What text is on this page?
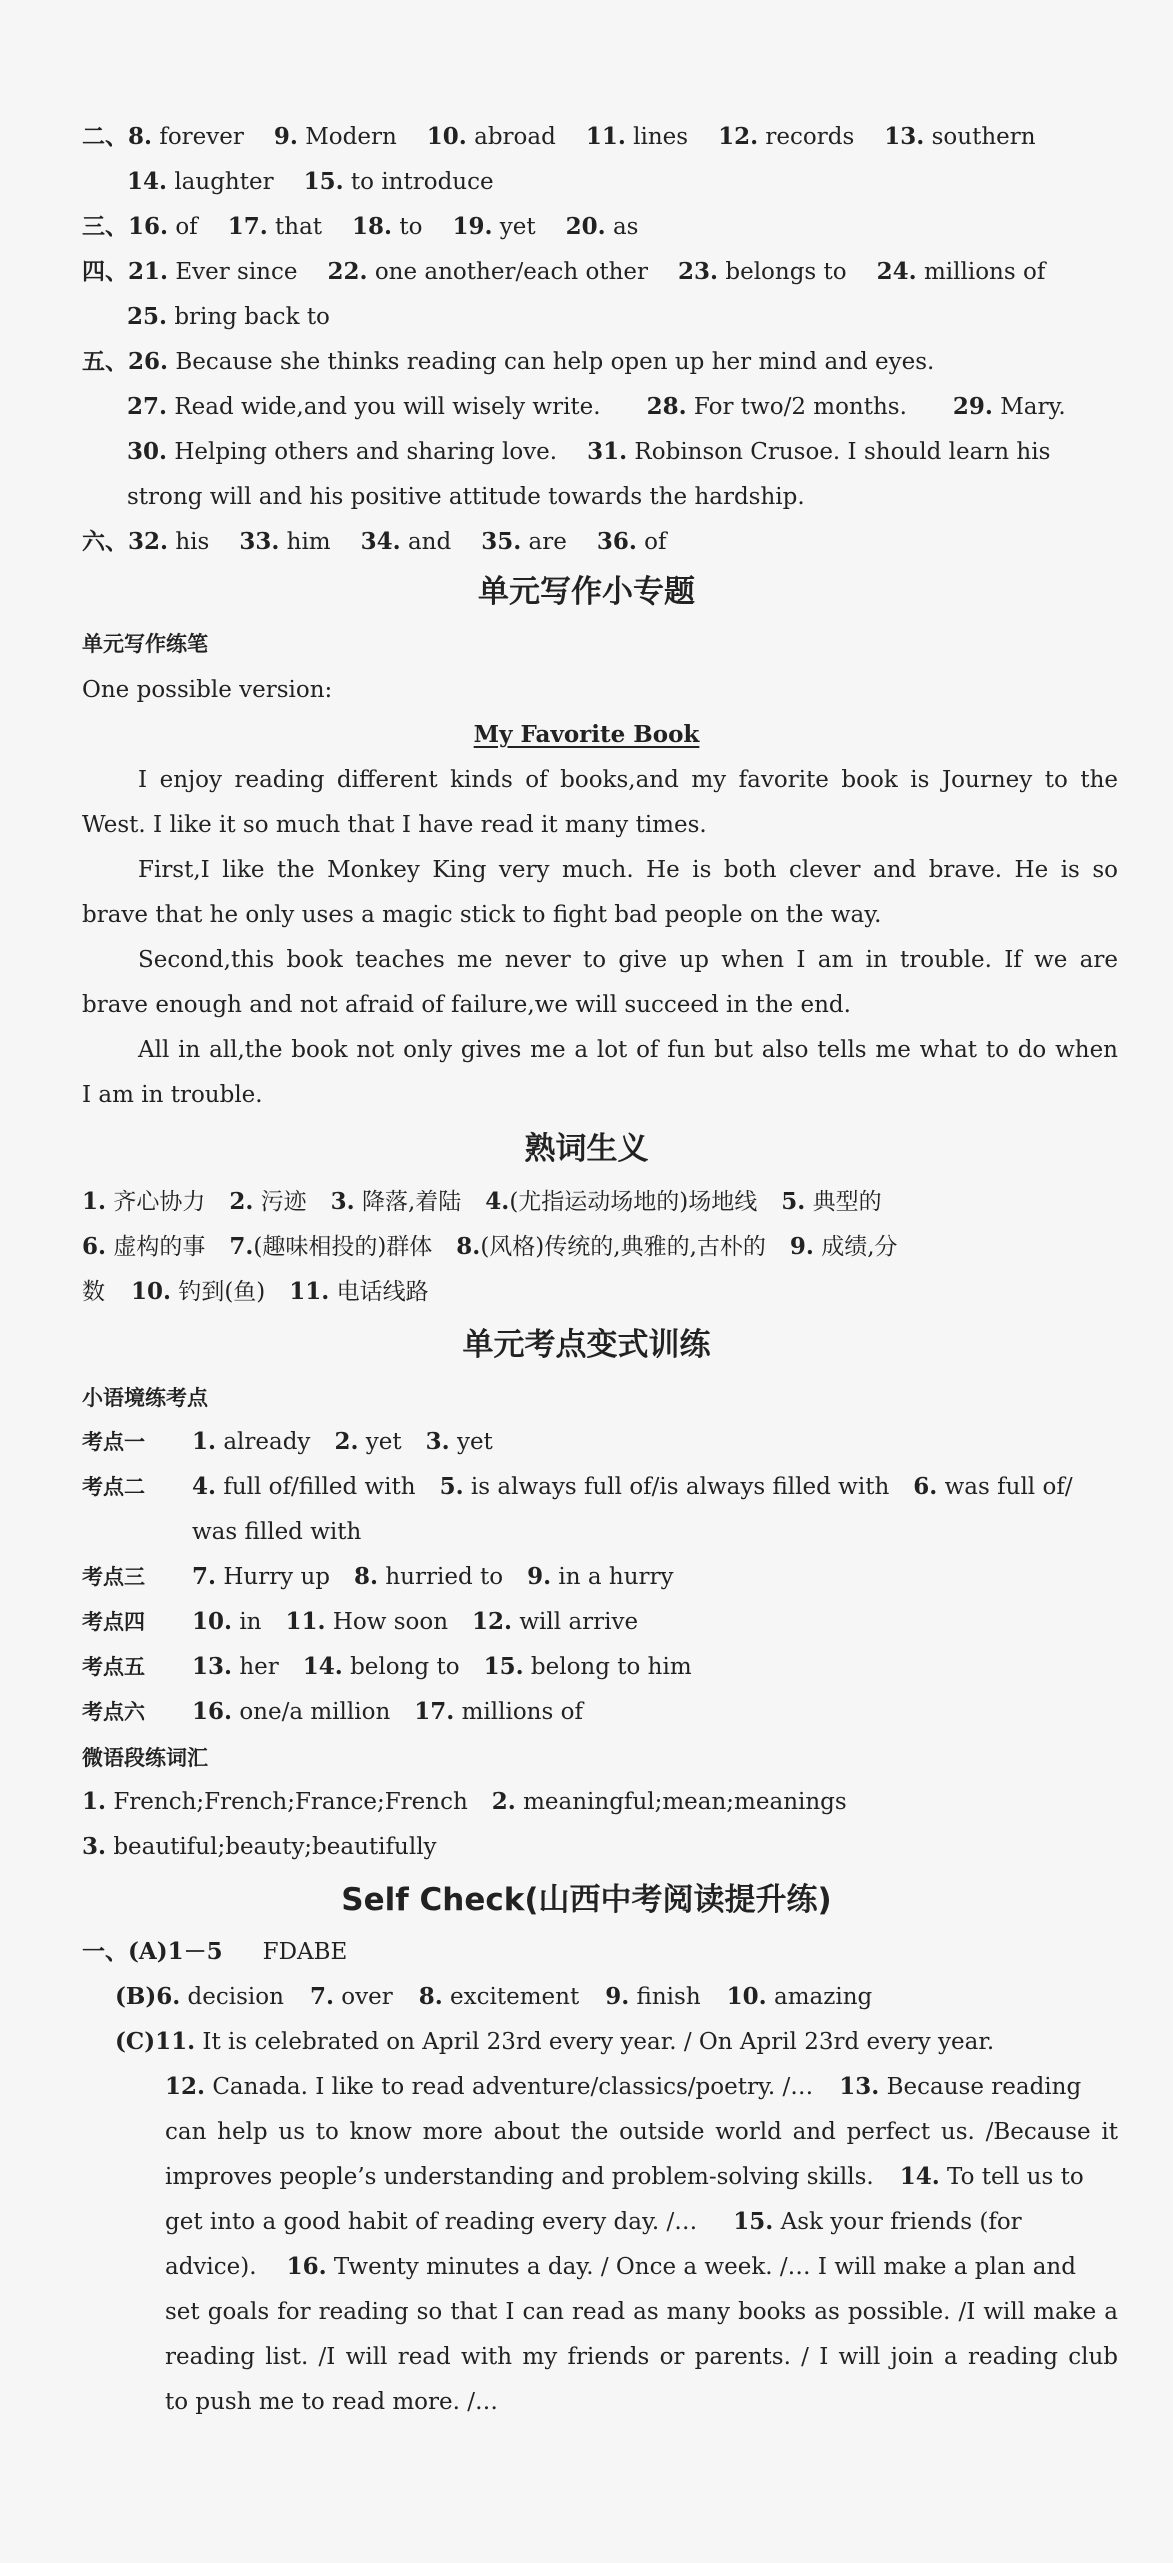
二、8. forever 9. Modern 10. abroad 11. lines 12. records 13. southern
14. laughter 15. to introduce
三、16. of 17. that 18. to 19. yet 20. as
四、21. Ever since 22. one another/each other 23. belongs to 24. millions of
25. bring back to
五、26. Because she thinks reading can help open up her mind and eyes.
27. Read wide,and you will wisely write. 28. For two/2 months. 29. Mary.
30. Helping others and sharing love. 31. Robinson Crusoe. I should learn his
strong will and his positive attitude towards the hardship.
六、32. his 33. him 34. and 35. are 36. of
单元写作小专题
单元写作练笔
One possible version:
My Favorite Book
I enjoy reading different kinds of books,and my favorite book is Journey to the
West. I like it so much that I have read it many times.
First,I like the Monkey King very much. He is both clever and brave. He is so
brave that he only uses a magic stick to fight bad people on the way.
Second,this book teaches me never to give up when I am in trouble. If we are
brave enough and not afraid of failure,we will succeed in the end.
All in all,the book not only gives me a lot of fun but also tells me what to do when
I am in trouble.
熟词生义
1. 齐心协力 2. 污迹 3. 降落,着陆 4.(尤指运动场地的)场地线 5. 典型的
6. 虚构的事 7.(趣味相投的)群体 8.(风格)传统的,典雅的,古朴的 9. 成绩,分
数 10. 钓到(鱼) 11. 电话线路
单元考点变式训练
小语境练考点
考点一 1. already 2. yet 3. yet
考点二 4. full of/filled with 5. is always full of/is always filled with 6. was full of/
was filled with
考点三 7. Hurry up 8. hurried to 9. in a hurry
考点四 10. in 11. How soon 12. will arrive
考点五 13. her 14. belong to 15. belong to him
考点六 16. one/a million 17. millions of
微语段练词汇
1. French;French;France;French 2. meaningful;mean;meanings
3. beautiful;beauty;beautifully
Self Check(山西中考阅读提升练)
一、(A)1－5 FDABE
(B)6. decision 7. over 8. excitement 9. finish 10. amazing
(C)11. It is celebrated on April 23rd every year. / On April 23rd every year.
12. Canada. I like to read adventure/classics/poetry. /… 13. Because reading
can help us to know more about the outside world and perfect us. /Because it
improves people’s understanding and problem-solving skills. 14. To tell us to
get into a good habit of reading every day. /… 15. Ask your friends (for
advice). 16. Twenty minutes a day. / Once a week. /… I will make a plan and
set goals for reading so that I can read as many books as possible. /I will make a
reading list. /I will read with my friends or parents. / I will join a reading club
to push me to read more. /…
